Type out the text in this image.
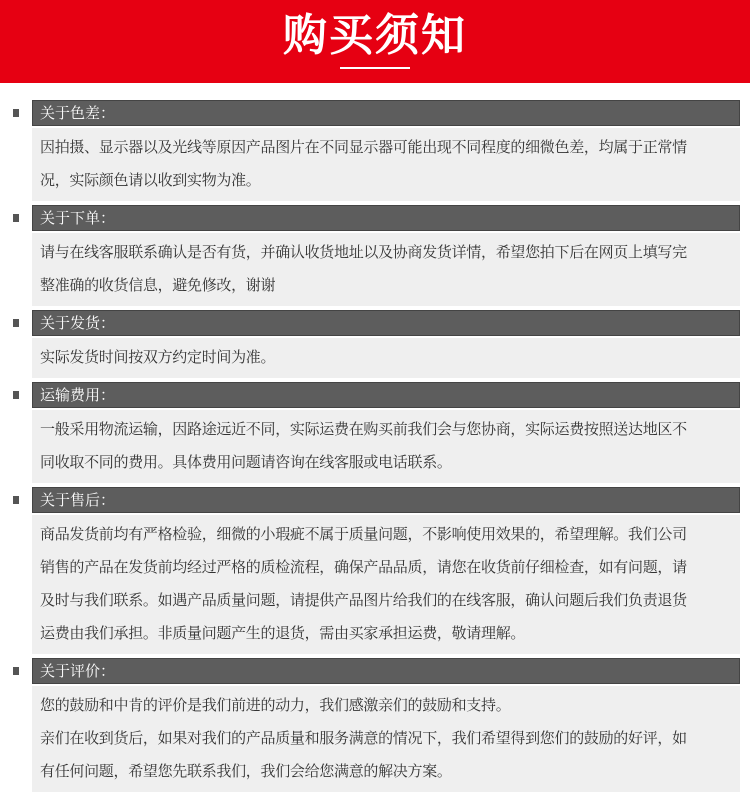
购买须知
关于色差：
因拍摄、显示器以及光线等原因产品图片在不同显示器可能出现不同程度的细微色差，均属于正常情
况，实际颜色请以收到实物为准。
关于下单：
请与在线客服联系确认是否有货，并确认收货地址以及协商发货详情，希望您拍下后在网页上填写完
整准确的收货信息，避免修改，谢谢
关于发货：
实际发货时间按双方约定时间为准。
运输费用：
一般采用物流运输，因路途远近不同，实际运费在购买前我们会与您协商，实际运费按照送达地区不
同收取不同的费用。具体费用问题请咨询在线客服或电话联系。
关于售后：
商品发货前均有严格检验，细微的小瑕疵不属于质量问题，不影响使用效果的，希望理解。我们公司
销售的产品在发货前均经过严格的质检流程，确保产品品质，请您在收货前仔细检查，如有问题，请
及时与我们联系。如遇产品质量问题，请提供产品图片给我们的在线客服，确认问题后我们负责退货
运费由我们承担。非质量问题产生的退货，需由买家承担运费，敬请理解。
关于评价：
您的鼓励和中肯的评价是我们前进的动力，我们感激亲们的鼓励和支持。
亲们在收到货后，如果对我们的产品质量和服务满意的情况下，我们希望得到您们的鼓励的好评，如
有任何问题，希望您先联系我们，我们会给您满意的解决方案。
